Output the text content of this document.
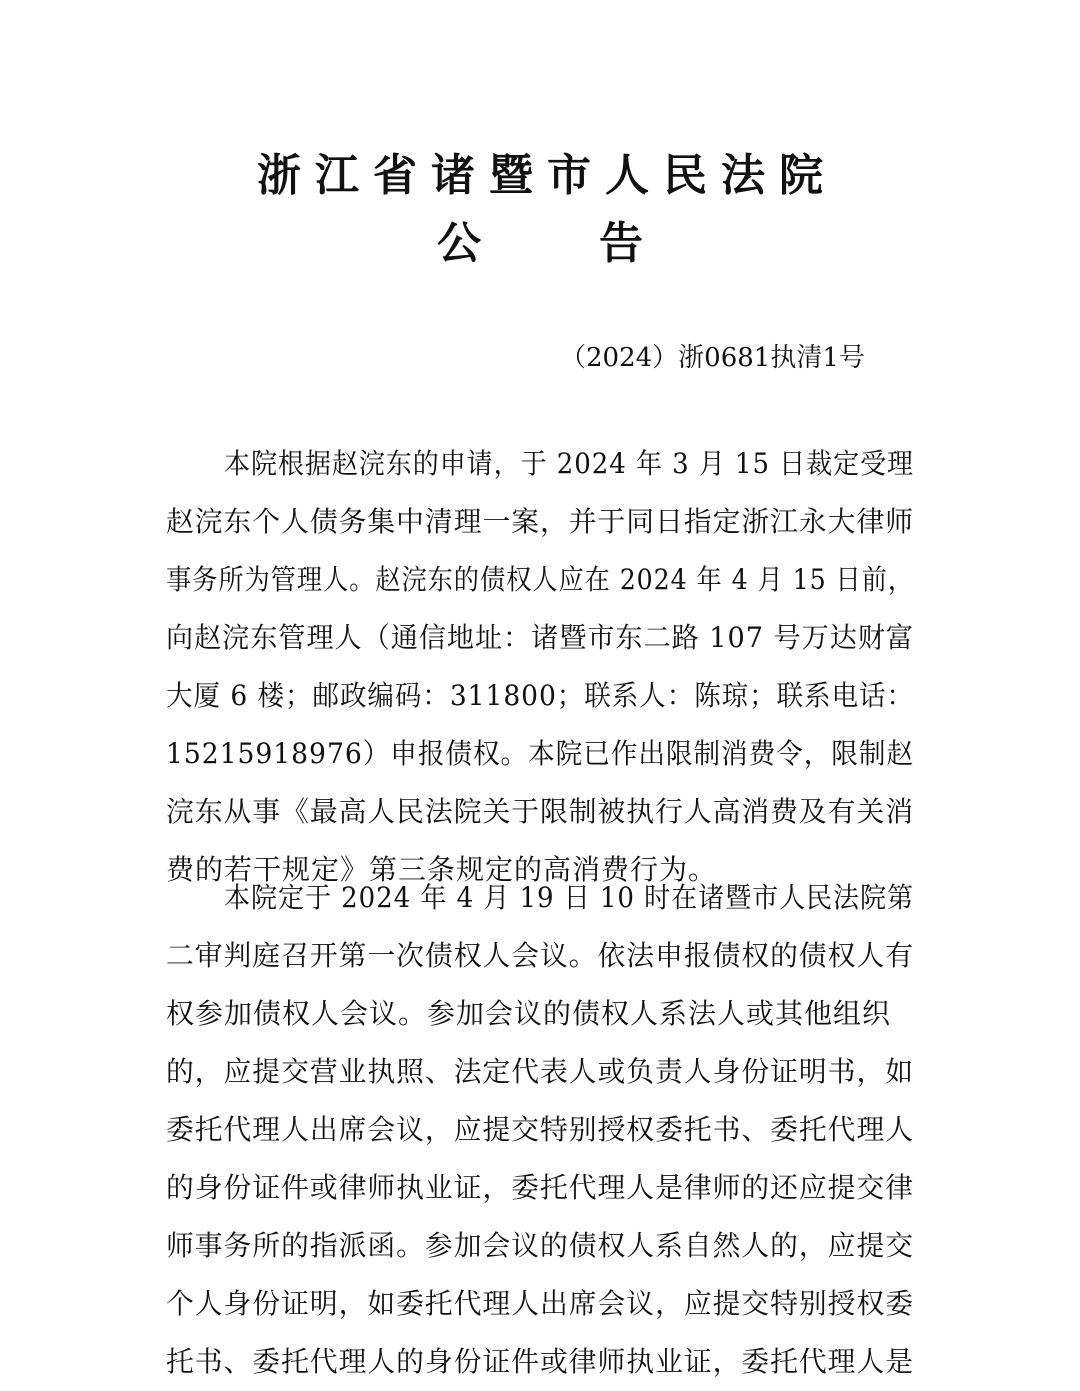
浙江省诸暨市人民法院
公告
（2024）浙0681执清1号
本院根据赵浣东的申请，于 2024 年 3 月 15 日裁定受理
赵浣东个人债务集中清理一案，并于同日指定浙江永大律师
事务所为管理人。赵浣东的债权人应在 2024 年 4 月 15 日前，
向赵浣东管理人（通信地址：诸暨市东二路 107 号万达财富
大厦 6 楼；邮政编码：311800；联系人：陈琼；联系电话：
15215918976）申报债权。本院已作出限制消费令，限制赵
浣东从事《最高人民法院关于限制被执行人高消费及有关消
费的若干规定》第三条规定的高消费行为。
本院定于 2024 年 4 月 19 日 10 时在诸暨市人民法院第
二审判庭召开第一次债权人会议。依法申报债权的债权人有
权参加债权人会议。参加会议的债权人系法人或其他组织
的，应提交营业执照、法定代表人或负责人身份证明书，如
委托代理人出席会议，应提交特别授权委托书、委托代理人
的身份证件或律师执业证，委托代理人是律师的还应提交律
师事务所的指派函。参加会议的债权人系自然人的，应提交
个人身份证明，如委托代理人出席会议，应提交特别授权委
托书、委托代理人的身份证件或律师执业证，委托代理人是
